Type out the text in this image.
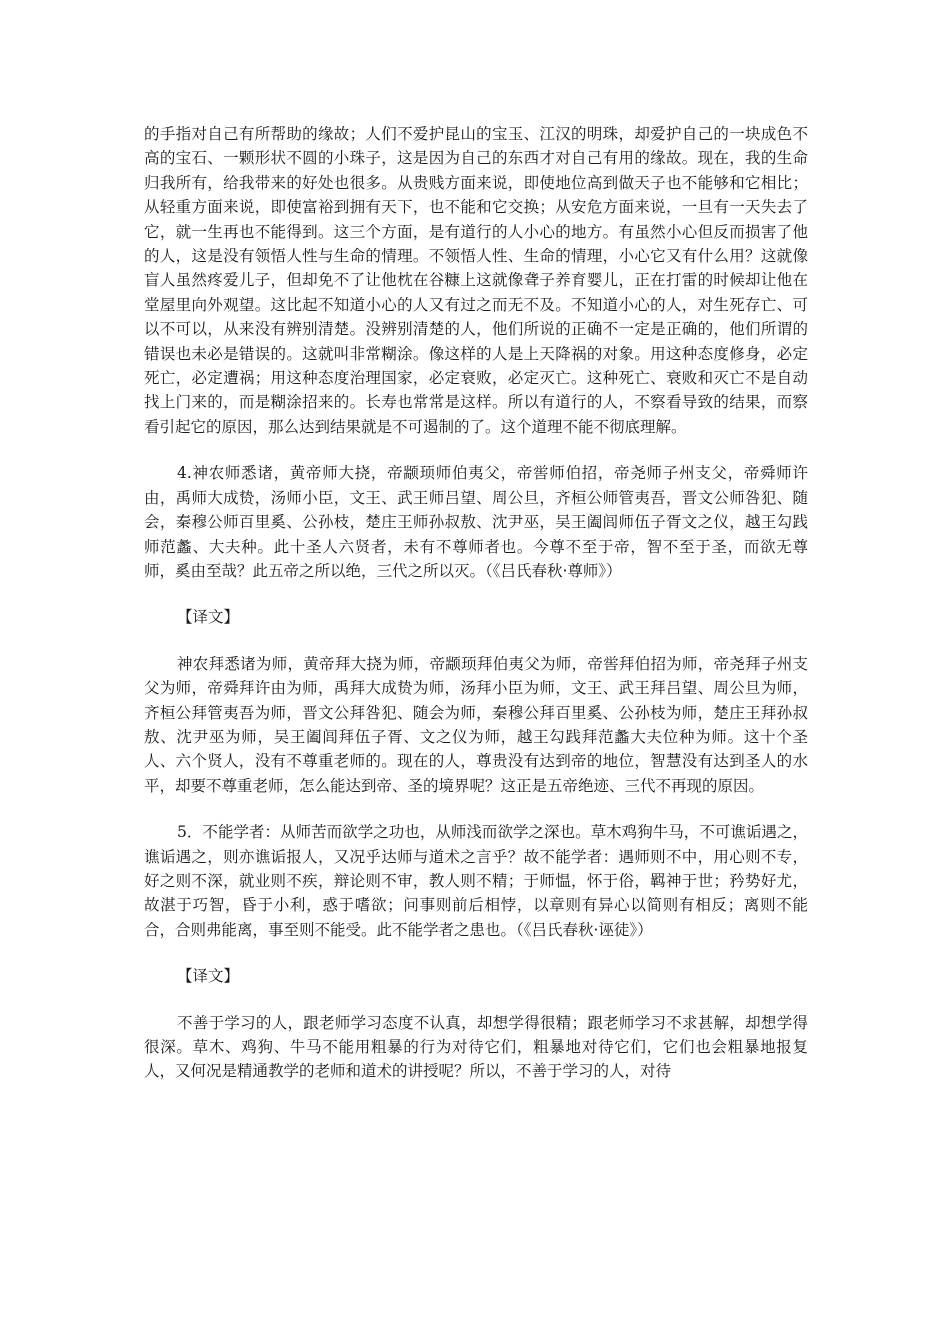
的手指对自己有所帮助的缘故；人们不爱护昆山的宝玉、江汉的明珠，却爱护自己的一块成色不高的宝石、一颗形状不圆的小珠子，这是因为自己的东西才对自己有用的缘故。现在，我的生命归我所有，给我带来的好处也很多。从贵贱方面来说，即使地位高到做天子也不能够和它相比；从轻重方面来说，即使富裕到拥有天下，也不能和它交换；从安危方面来说，一旦有一天失去了它，就一生再也不能得到。这三个方面，是有道行的人小心的地方。有虽然小心但反而损害了他的人，这是没有领悟人性与生命的情理。不领悟人性、生命的情理，小心它又有什么用？这就像盲人虽然疼爱儿子，但却免不了让他枕在谷糠上这就像聋子养育婴儿，正在打雷的时候却让他在堂屋里向外观望。这比起不知道小心的人又有过之而无不及。不知道小心的人，对生死存亡、可以不可以，从来没有辨别清楚。没辨别清楚的人，他们所说的正确不一定是正确的，他们所谓的错误也未必是错误的。这就叫非常糊涂。像这样的人是上天降祸的对象。用这种态度修身，必定死亡，必定遭祸；用这种态度治理国家，必定衰败，必定灭亡。这种死亡、衰败和灭亡不是自动找上门来的，而是糊涂招来的。长寿也常常是这样。所以有道行的人，不察看导致的结果，而察看引起它的原因，那么达到结果就是不可遏制的了。这个道理不能不彻底理解。

4.神农师悉诸，黄帝师大挠，帝颛顼师伯夷父，帝喾师伯招，帝尧师子州支父，帝舜师许由，禹师大成贽，汤师小臣，文王、武王师吕望、周公旦，齐桓公师管夷吾，晋文公师咎犯、随会，秦穆公师百里奚、公孙枝，楚庄王师孙叔敖、沈尹巫，吴王阖闾师伍子胥文之仪，越王勾践师范蠡、大夫种。此十圣人六贤者，未有不尊师者也。今尊不至于帝，智不至于圣，而欲无尊师，奚由至哉？此五帝之所以绝，三代之所以灭。（《吕氏春秋·尊师》）

【译文】

神农拜悉诸为师，黄帝拜大挠为师，帝颛顼拜伯夷父为师，帝喾拜伯招为师，帝尧拜子州支父为师，帝舜拜许由为师，禹拜大成贽为师，汤拜小臣为师，文王、武王拜吕望、周公旦为师，齐桓公拜管夷吾为师，晋文公拜咎犯、随会为师，秦穆公拜百里奚、公孙枝为师，楚庄王拜孙叔敖、沈尹巫为师，吴王阖闾拜伍子胥、文之仪为师，越王勾践拜范蠡大夫位种为师。这十个圣人、六个贤人，没有不尊重老师的。现在的人，尊贵没有达到帝的地位，智慧没有达到圣人的水平，却要不尊重老师，怎么能达到帝、圣的境界呢？这正是五帝绝迹、三代不再现的原因。

5．不能学者：从师苦而欲学之功也，从师浅而欲学之深也。草木鸡狗牛马，不可谯诟遇之，谯诟遇之，则亦谯诟报人，又况乎达师与道术之言乎？故不能学者：遇师则不中，用心则不专，好之则不深，就业则不疾，辩论则不审，教人则不精；于师愠，怀于俗，羁神于世；矜势好尤，故湛于巧智，昏于小利，惑于嗜欲；问事则前后相悖，以章则有异心以简则有相反；离则不能合，合则弗能离，事至则不能受。此不能学者之患也。（《吕氏春秋·诬徒》）

【译文】

不善于学习的人，跟老师学习态度不认真，却想学得很精；跟老师学习不求甚解，却想学得很深。草木、鸡狗、牛马不能用粗暴的行为对待它们，粗暴地对待它们，它们也会粗暴地报复人，又何况是精通教学的老师和道术的讲授呢？所以，不善于学习的人，对待
